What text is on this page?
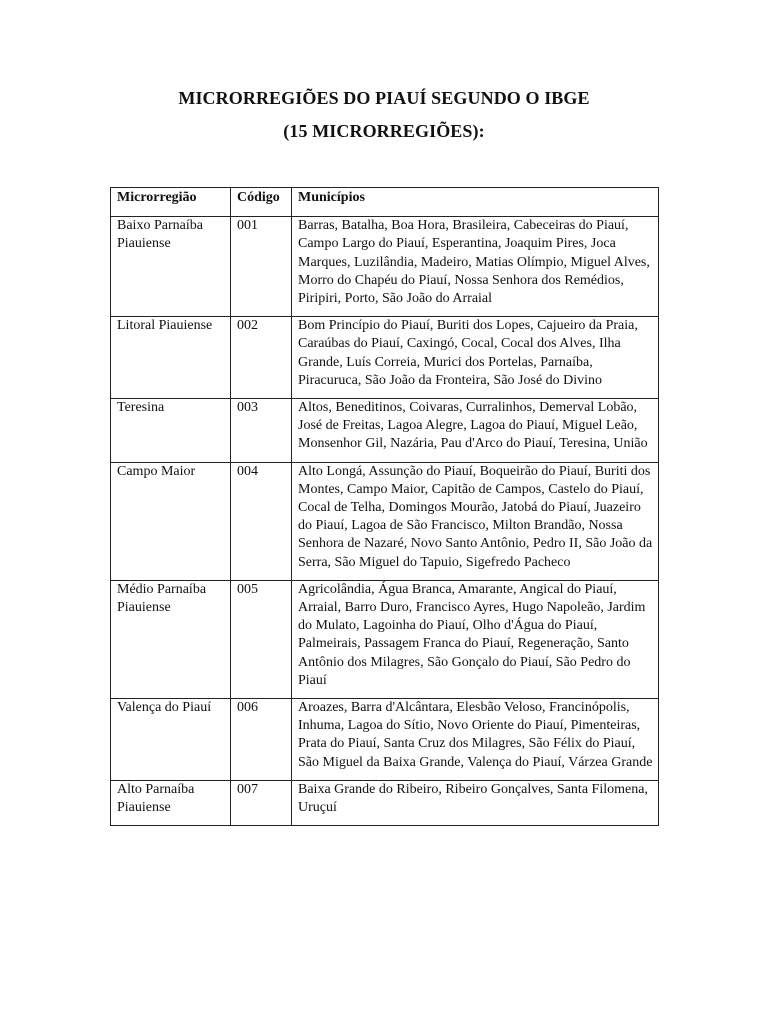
MICRORREGIÕES DO PIAUÍ SEGUNDO O IBGE
(15 MICRORREGIÕES):
Microrregião	Código	Municípios
Baixo Parnaíba Piauiense	001	Barras, Batalha, Boa Hora, Brasileira, Cabeceiras do Piauí, Campo Largo do Piauí, Esperantina, Joaquim Pires, Joca Marques, Luzilândia, Madeiro, Matias Olímpio, Miguel Alves, Morro do Chapéu do Piauí, Nossa Senhora dos Remédios, Piripiri, Porto, São João do Arraial
Litoral Piauiense	002	Bom Princípio do Piauí, Buriti dos Lopes, Cajueiro da Praia, Caraúbas do Piauí, Caxingó, Cocal, Cocal dos Alves, Ilha Grande, Luís Correia, Murici dos Portelas, Parnaíba, Piracuruca, São João da Fronteira, São José do Divino
Teresina	003	Altos, Beneditinos, Coivaras, Curralinhos, Demerval Lobão, José de Freitas, Lagoa Alegre, Lagoa do Piauí, Miguel Leão, Monsenhor Gil, Nazária, Pau d'Arco do Piauí, Teresina, União
Campo Maior	004	Alto Longá, Assunção do Piauí, Boqueirão do Piauí, Buriti dos Montes, Campo Maior, Capitão de Campos, Castelo do Piauí, Cocal de Telha, Domingos Mourão, Jatobá do Piauí, Juazeiro do Piauí, Lagoa de São Francisco, Milton Brandão, Nossa Senhora de Nazaré, Novo Santo Antônio, Pedro II, São João da Serra, São Miguel do Tapuio, Sigefredo Pacheco
Médio Parnaíba Piauiense	005	Agricolândia, Água Branca, Amarante, Angical do Piauí, Arraial, Barro Duro, Francisco Ayres, Hugo Napoleão, Jardim do Mulato, Lagoinha do Piauí, Olho d'Água do Piauí, Palmeirais, Passagem Franca do Piauí, Regeneração, Santo Antônio dos Milagres, São Gonçalo do Piauí, São Pedro do Piauí
Valença do Piauí	006	Aroazes, Barra d'Alcântara, Elesbão Veloso, Francinópolis, Inhuma, Lagoa do Sítio, Novo Oriente do Piauí, Pimenteiras, Prata do Piauí, Santa Cruz dos Milagres, São Félix do Piauí, São Miguel da Baixa Grande, Valença do Piauí, Várzea Grande
Alto Parnaíba Piauiense	007	Baixa Grande do Ribeiro, Ribeiro Gonçalves, Santa Filomena, Uruçuí
